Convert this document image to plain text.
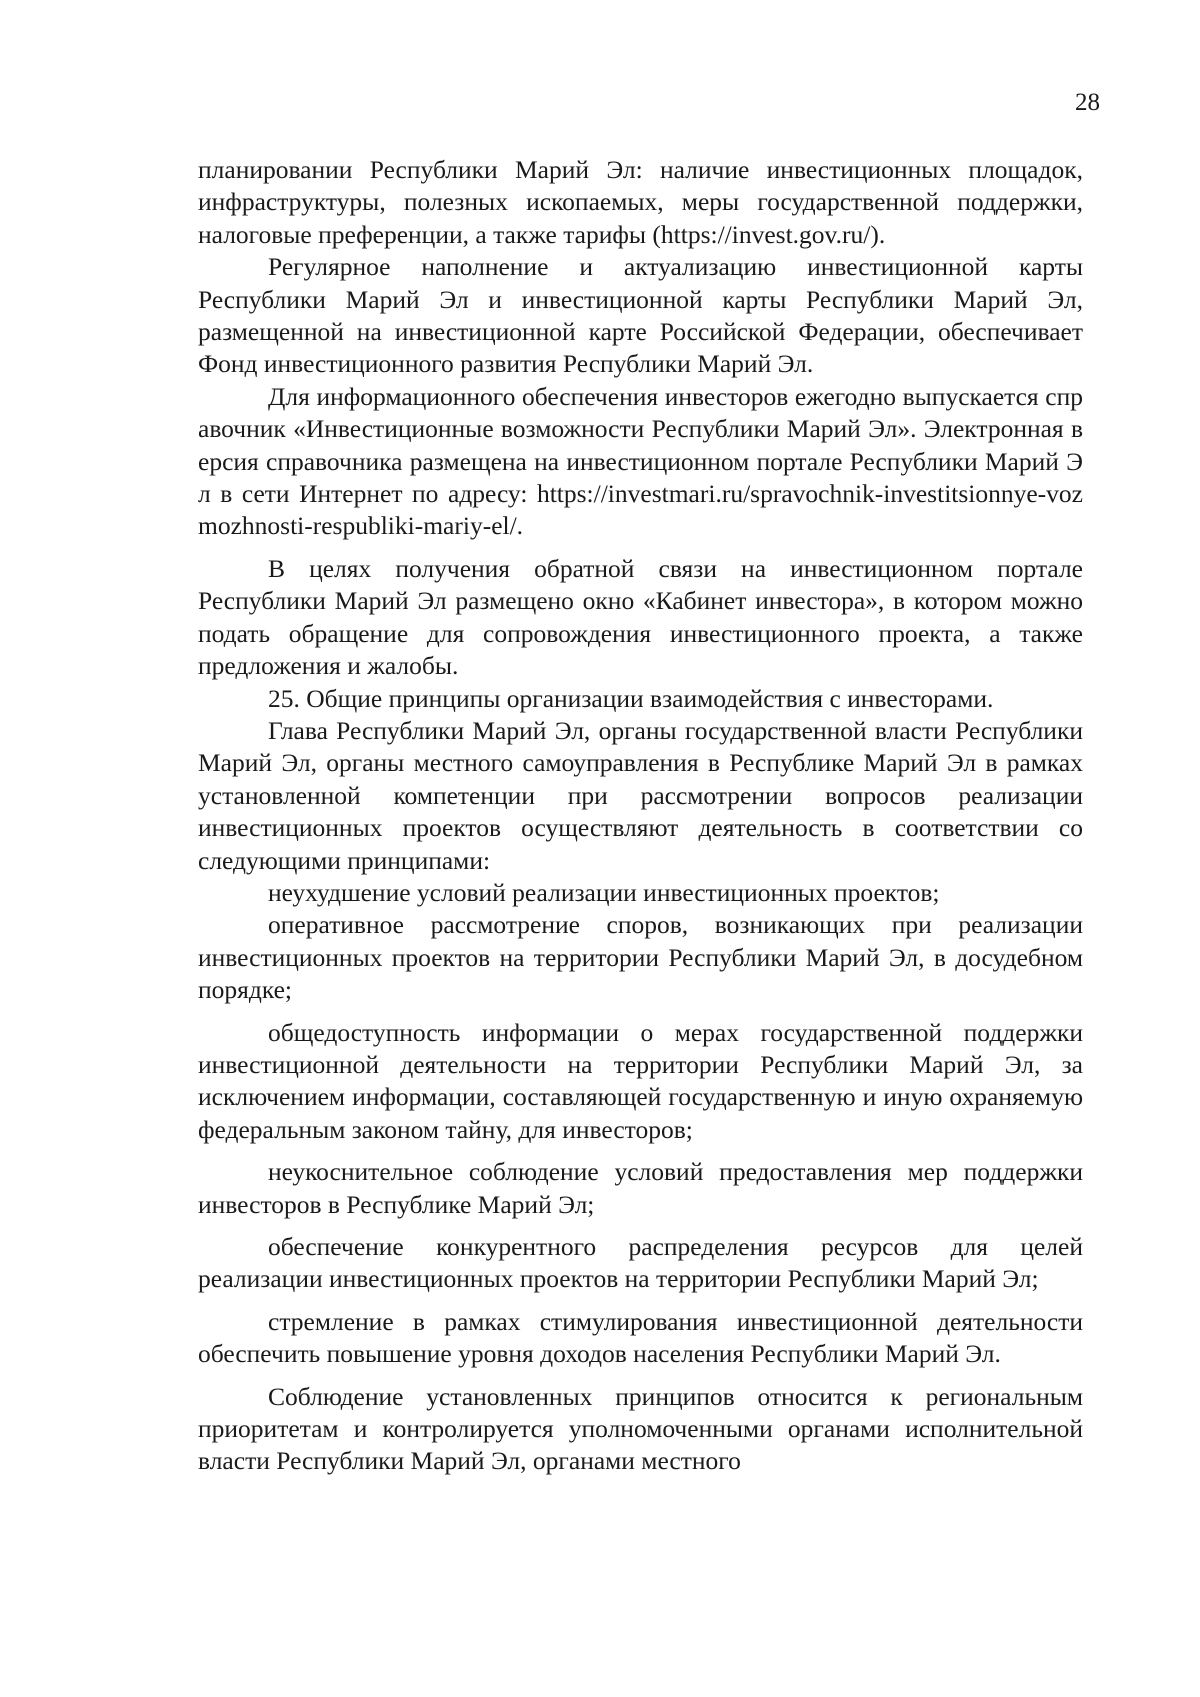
28

планировании Республики Марий Эл: наличие инвестиционных площадок, инфраструктуры, полезных ископаемых, меры государственной поддержки, налоговые преференции, а также тарифы (https://invest.gov.ru/).

Регулярное наполнение и актуализацию инвестиционной карты Республики Марий Эл и инвестиционной карты Республики Марий Эл, размещенной на инвестиционной карте Российской Федерации, обеспечивает Фонд инвестиционного развития Республики Марий Эл.

Для информационного обеспечения инвесторов ежегодно выпускается справочник «Инвестиционные возможности Республики Марий Эл». Электронная версия справочника размещена на инвестиционном портале Республики Марий Эл в сети Интернет по адресу: https://investmari.ru/spravochnik-investitsionnye-vozmozhnosti-respubliki-mariy-el/.

В целях получения обратной связи на инвестиционном портале Республики Марий Эл размещено окно «Кабинет инвестора», в котором можно подать обращение для сопровождения инвестиционного проекта, а также предложения и жалобы.

25. Общие принципы организации взаимодействия с инвесторами.

Глава Республики Марий Эл, органы государственной власти Республики Марий Эл, органы местного самоуправления в Республике Марий Эл в рамках установленной компетенции при рассмотрении вопросов реализации инвестиционных проектов осуществляют деятельность в соответствии со следующими принципами:

неухудшение условий реализации инвестиционных проектов;

оперативное рассмотрение споров, возникающих при реализации инвестиционных проектов на территории Республики Марий Эл, в досудебном порядке;

общедоступность информации о мерах государственной поддержки инвестиционной деятельности на территории Республики Марий Эл, за исключением информации, составляющей государственную и иную охраняемую федеральным законом тайну, для инвесторов;

неукоснительное соблюдение условий предоставления мер поддержки инвесторов в Республике Марий Эл;

обеспечение конкурентного распределения ресурсов для целей реализации инвестиционных проектов на территории Республики Марий Эл;

стремление в рамках стимулирования инвестиционной деятельности обеспечить повышение уровня доходов населения Республики Марий Эл.

Соблюдение установленных принципов относится к региональным приоритетам и контролируется уполномоченными органами исполнительной власти Республики Марий Эл, органами местного
